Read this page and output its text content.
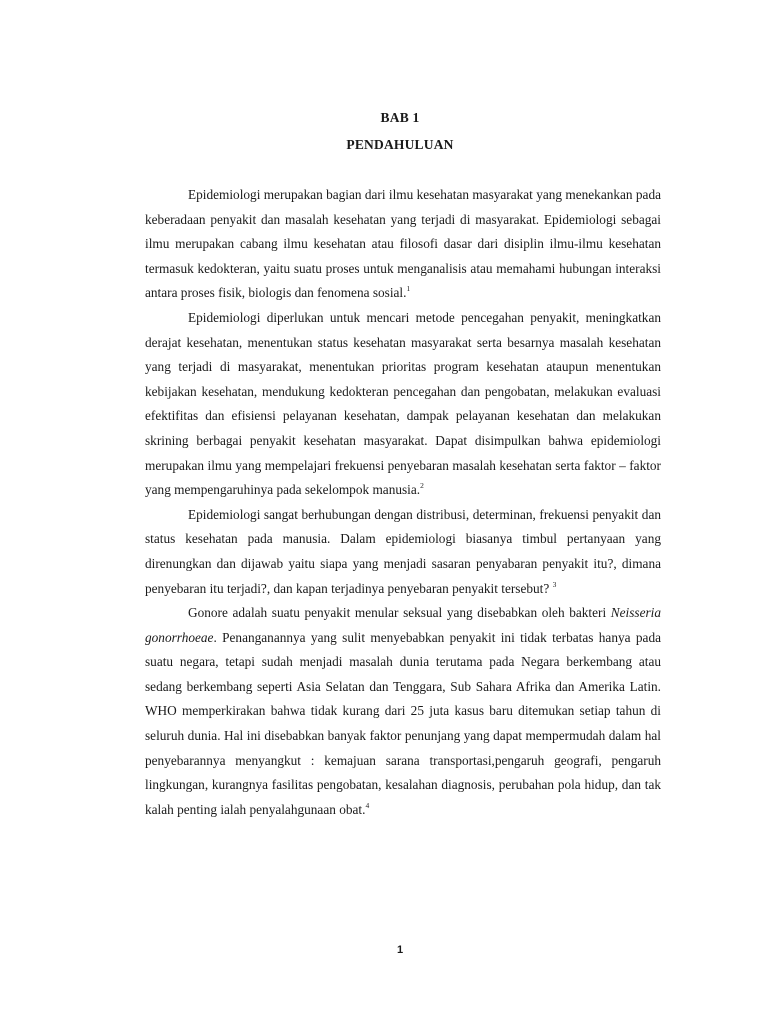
BAB 1
PENDAHULUAN

Epidemiologi merupakan bagian dari ilmu kesehatan masyarakat yang menekankan pada keberadaan penyakit dan masalah kesehatan yang terjadi di masyarakat. Epidemiologi sebagai ilmu merupakan cabang ilmu kesehatan atau filosofi dasar dari disiplin ilmu-ilmu kesehatan termasuk kedokteran, yaitu suatu proses untuk menganalisis atau memahami hubungan interaksi antara proses fisik, biologis dan fenomena sosial.$^1$

Epidemiologi diperlukan untuk mencari metode pencegahan penyakit, meningkatkan derajat kesehatan, menentukan status kesehatan masyarakat serta besarnya masalah kesehatan yang terjadi di masyarakat, menentukan prioritas program kesehatan ataupun menentukan kebijakan kesehatan, mendukung kedokteran pencegahan dan pengobatan, melakukan evaluasi efektifitas dan efisiensi pelayanan kesehatan, dampak pelayanan kesehatan dan melakukan skrining berbagai penyakit kesehatan masyarakat. Dapat disimpulkan bahwa epidemiologi merupakan ilmu yang mempelajari frekuensi penyebaran masalah kesehatan serta faktor – faktor yang mempengaruhinya pada sekelompok manusia.$^2$

Epidemiologi sangat berhubungan dengan distribusi, determinan, frekuensi penyakit dan status kesehatan pada manusia. Dalam epidemiologi biasanya timbul pertanyaan yang direnungkan dan dijawab yaitu siapa yang menjadi sasaran penyabaran penyakit itu?, dimana penyebaran itu terjadi?, dan kapan terjadinya penyebaran penyakit tersebut? $^3$

Gonore adalah suatu penyakit menular seksual yang disebabkan oleh bakteri Neisseria gonorrhoeae. Penanganannya yang sulit menyebabkan penyakit ini tidak terbatas hanya pada suatu negara, tetapi sudah menjadi masalah dunia terutama pada Negara berkembang atau sedang berkembang seperti Asia Selatan dan Tenggara, Sub Sahara Afrika dan Amerika Latin. WHO memperkirakan bahwa tidak kurang dari 25 juta kasus baru ditemukan setiap tahun di seluruh dunia. Hal ini disebabkan banyak faktor penunjang yang dapat mempermudah dalam hal penyebarannya menyangkut : kemajuan sarana transportasi,pengaruh geografi, pengaruh lingkungan, kurangnya fasilitas pengobatan, kesalahan diagnosis, perubahan pola hidup, dan tak kalah penting ialah penyalahgunaan obat.$^4$

1
